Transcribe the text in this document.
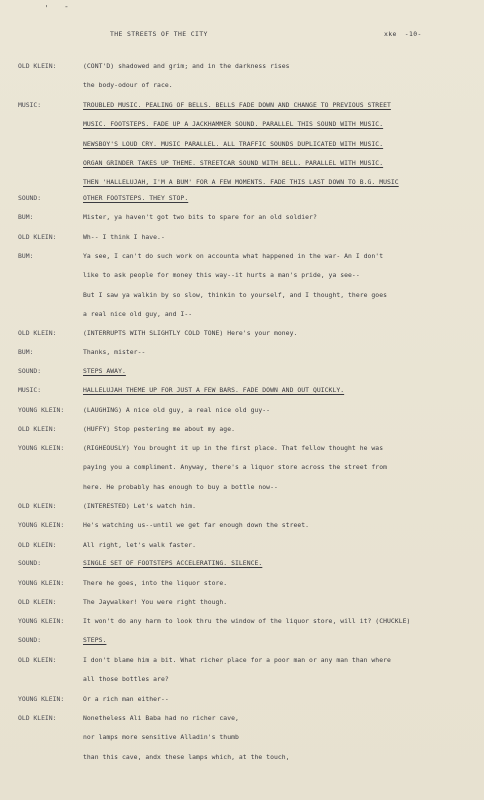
' -
THE STREETS OF THE CITY	xke -10-
OLD KLEIN:	(CONT'D) shadowed and grim; and in the darkness rises
the body-odour of race.
MUSIC:	TROUBLED MUSIC. PEALING OF BELLS. BELLS FADE DOWN AND CHANGE TO PREVIOUS STREET
MUSIC. FOOTSTEPS. FADE UP A JACKHAMMER SOUND. PARALLEL THIS SOUND WITH MUSIC.
NEWSBOY'S LOUD CRY. MUSIC PARALLEL. ALL TRAFFIC SOUNDS DUPLICATED WITH MUSIC.
ORGAN GRINDER TAKES UP THEME. STREETCAR SOUND WITH BELL. PARALLEL WITH MUSIC.
THEN 'HALLELUJAH, I'M A BUM' FOR A FEW MOMENTS. FADE THIS LAST DOWN TO B.G. MUSIC
SOUND:	OTHER FOOTSTEPS. THEY STOP.
BUM:	Mister, ya haven't got two bits to spare for an old soldier?
OLD KLEIN:	Wh-- I think I have.-
BUM:	Ya see, I can't do such work on accounta what happened in the war- An I don't
like to ask people for money this way--it hurts a man's pride, ya see--
But I saw ya walkin by so slow, thinkin to yourself, and I thought, there goes
a real nice old guy, and I--
OLD KLEIN:	(INTERRUPTS WITH SLIGHTLY COLD TONE) Here's your money.
BUM:	Thanks, mister--
SOUND:	STEPS AWAY.
MUSIC:	HALLELUJAH THEME UP FOR JUST A FEW BARS. FADE DOWN AND OUT QUICKLY.
YOUNG KLEIN:	(LAUGHING) A nice old guy, a real nice old guy--
OLD KLEIN:	(HUFFY) Stop pestering me about my age.
YOUNG KLEIN:	(RIGHEOUSLY) You brought it up in the first place. That fellow thought he was
paying you a compliment. Anyway, there's a liquor store across the street from
here. He probably has enough to buy a bottle now--
OLD KLEIN:	(INTERESTED) Let's watch him.
YOUNG KLEIN:	He's watching us--until we get far enough down the street.
OLD KLEIN:	All right, let's walk faster.
SOUND:	SINGLE SET OF FOOTSTEPS ACCELERATING. SILENCE.
YOUNG KLEIN:	There he goes, into the liquor store.
OLD KLEIN:	The Jaywalker! You were right though.
YOUNG KLEIN:	It won't do any harm to look thru the window of the liquor store, will it? (CHUCKLE)
SOUND:	STEPS.
OLD KLEIN:	I don't blame him a bit. What richer place for a poor man or any man than where
all those bottles are?
YOUNG KLEIN:	Or a rich man either--
OLD KLEIN:	Nonetheless Ali Baba had no richer cave,
nor lamps more sensitive Alladin's thumb
than this cave, andx these lamps which, at the touch,
